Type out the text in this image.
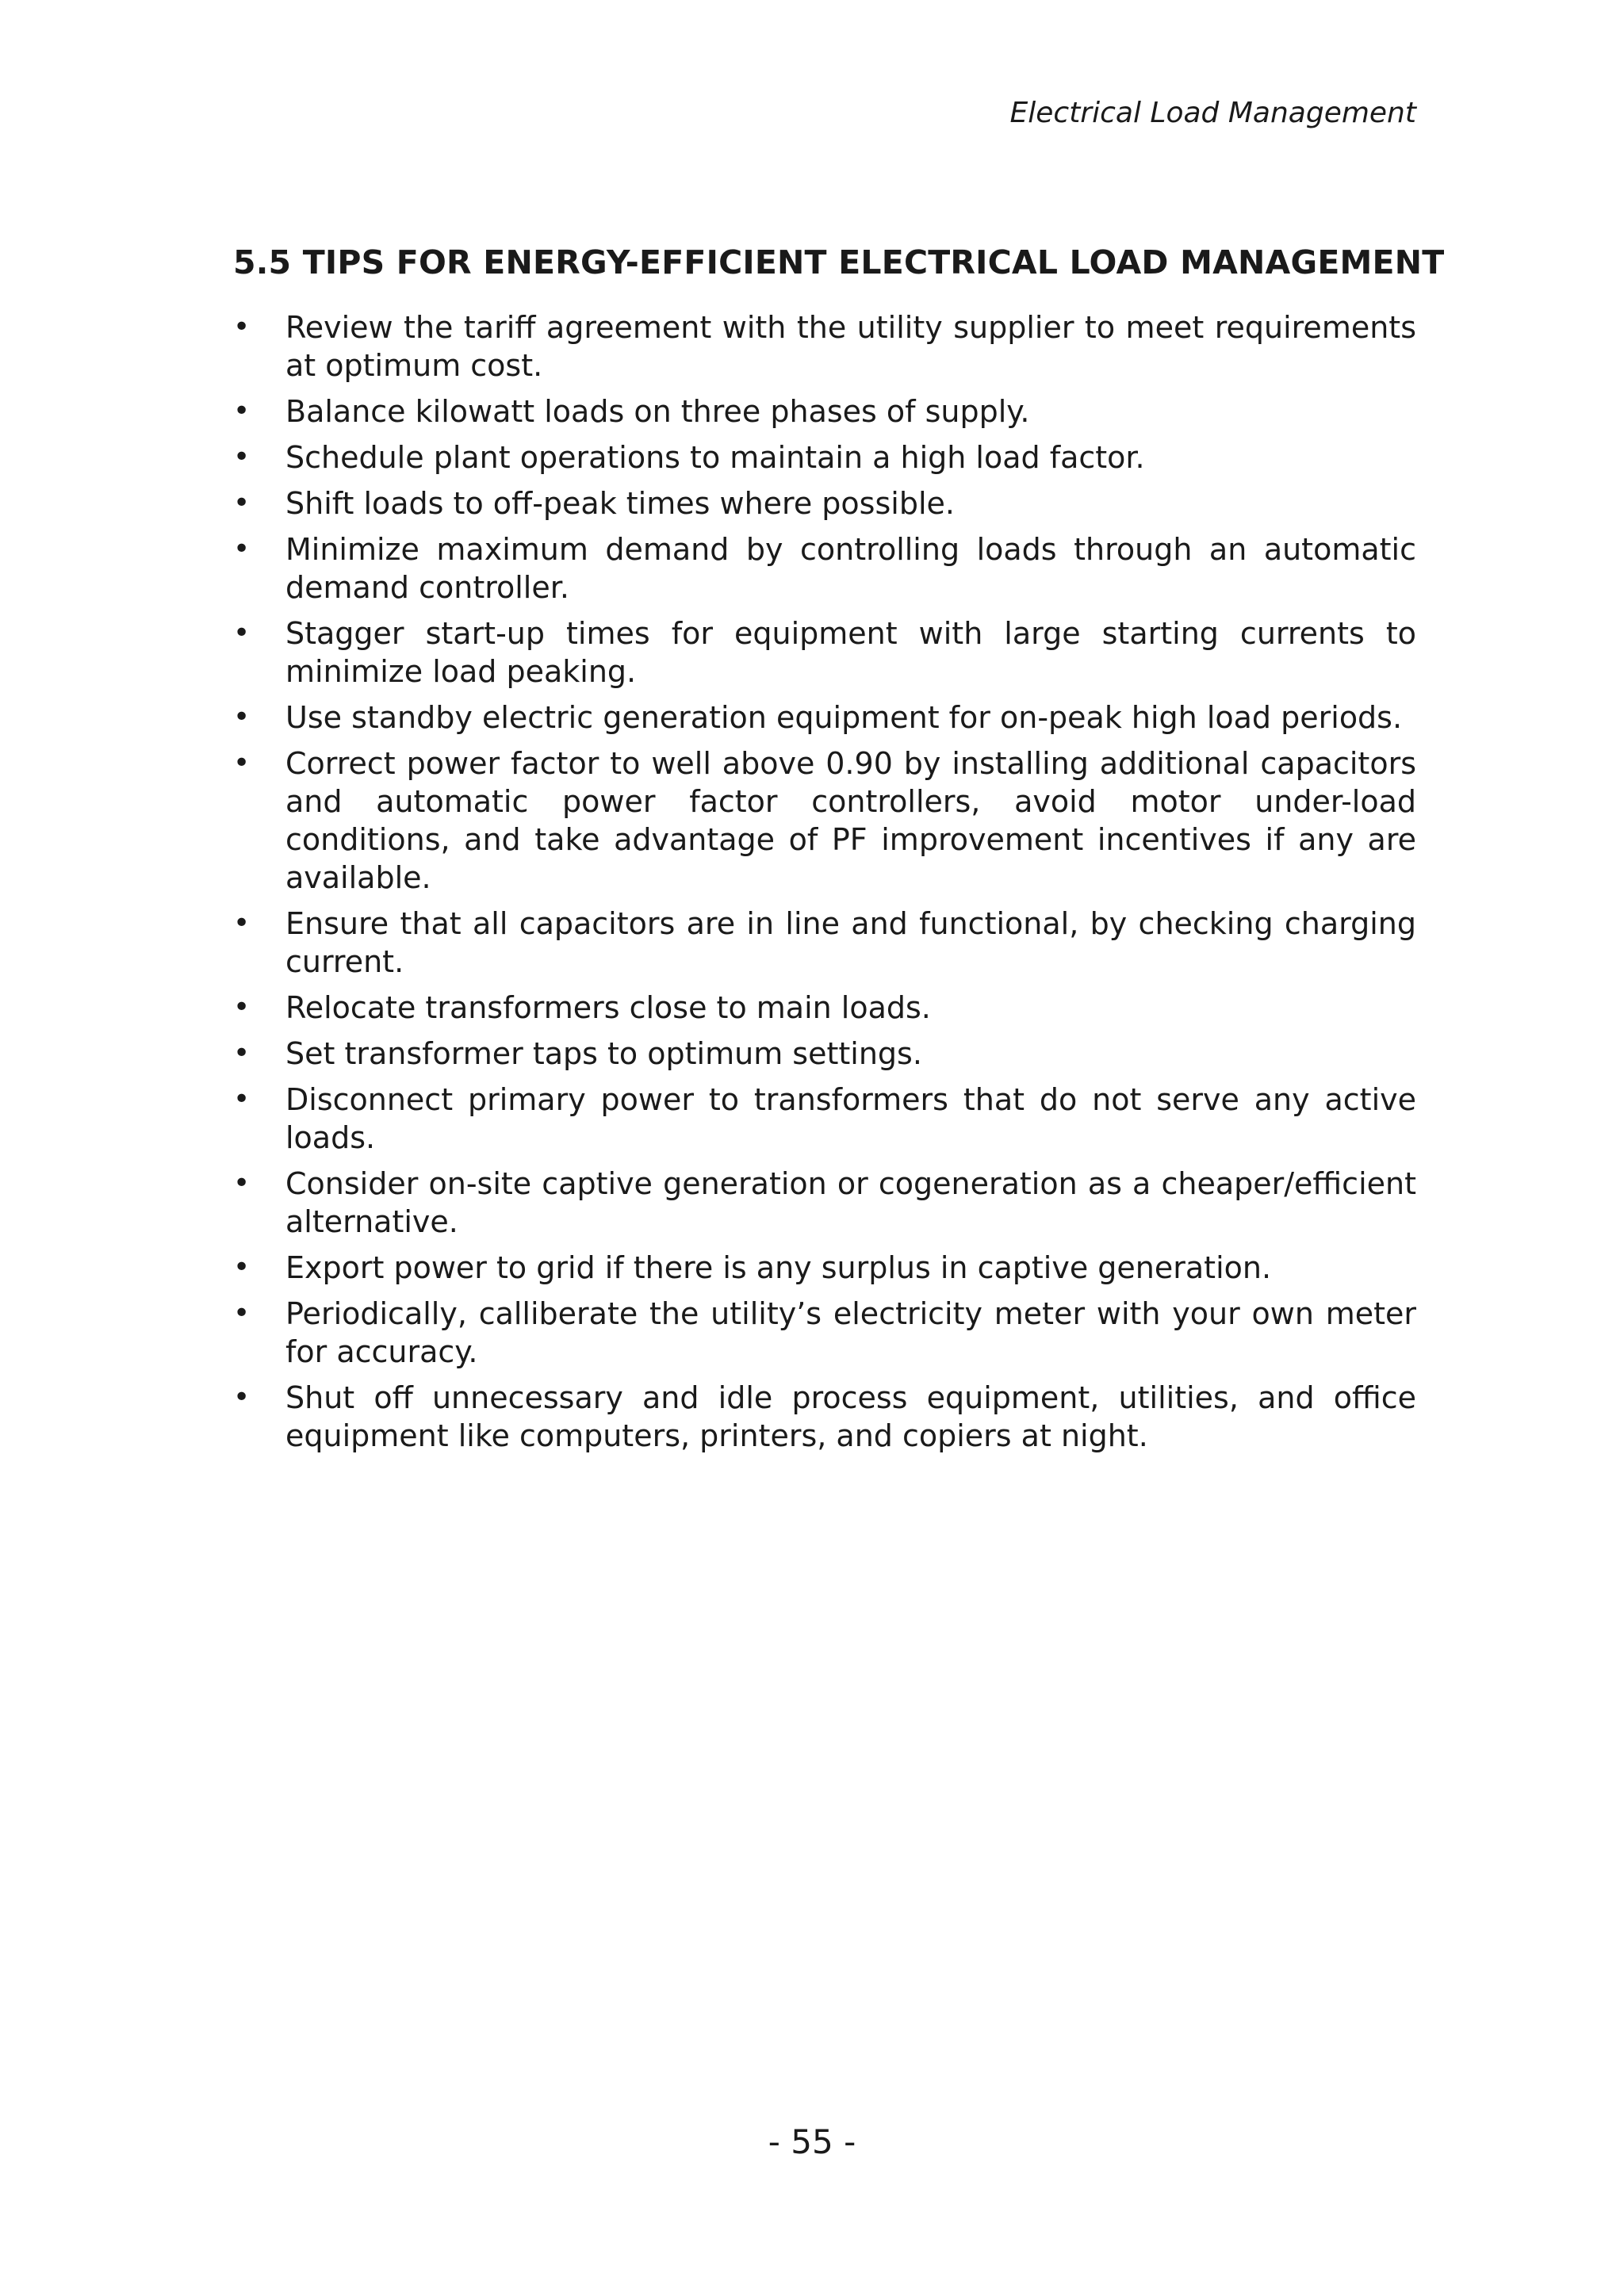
Electrical Load Management
5.5 TIPS FOR ENERGY-EFFICIENT ELECTRICAL LOAD MANAGEMENT
• Review the tariff agreement with the utility supplier to meet requirements at optimum cost.
• Balance kilowatt loads on three phases of supply.
• Schedule plant operations to maintain a high load factor.
• Shift loads to off-peak times where possible.
• Minimize maximum demand by controlling loads through an automatic demand controller.
• Stagger start-up times for equipment with large starting currents to minimize load peaking.
• Use standby electric generation equipment for on-peak high load periods.
• Correct power factor to well above 0.90 by installing additional capacitors and automatic power factor controllers, avoid motor under-load conditions, and take advantage of PF improvement incentives if any are available.
• Ensure that all capacitors are in line and functional, by checking charging current.
• Relocate transformers close to main loads.
• Set transformer taps to optimum settings.
• Disconnect primary power to transformers that do not serve any active loads.
• Consider on-site captive generation or cogeneration as a cheaper/efficient alternative.
• Export power to grid if there is any surplus in captive generation.
• Periodically, calliberate the utility’s electricity meter with your own meter for accuracy.
• Shut off unnecessary and idle process equipment, utilities, and office equipment like computers, printers, and copiers at night.
- 55 -
